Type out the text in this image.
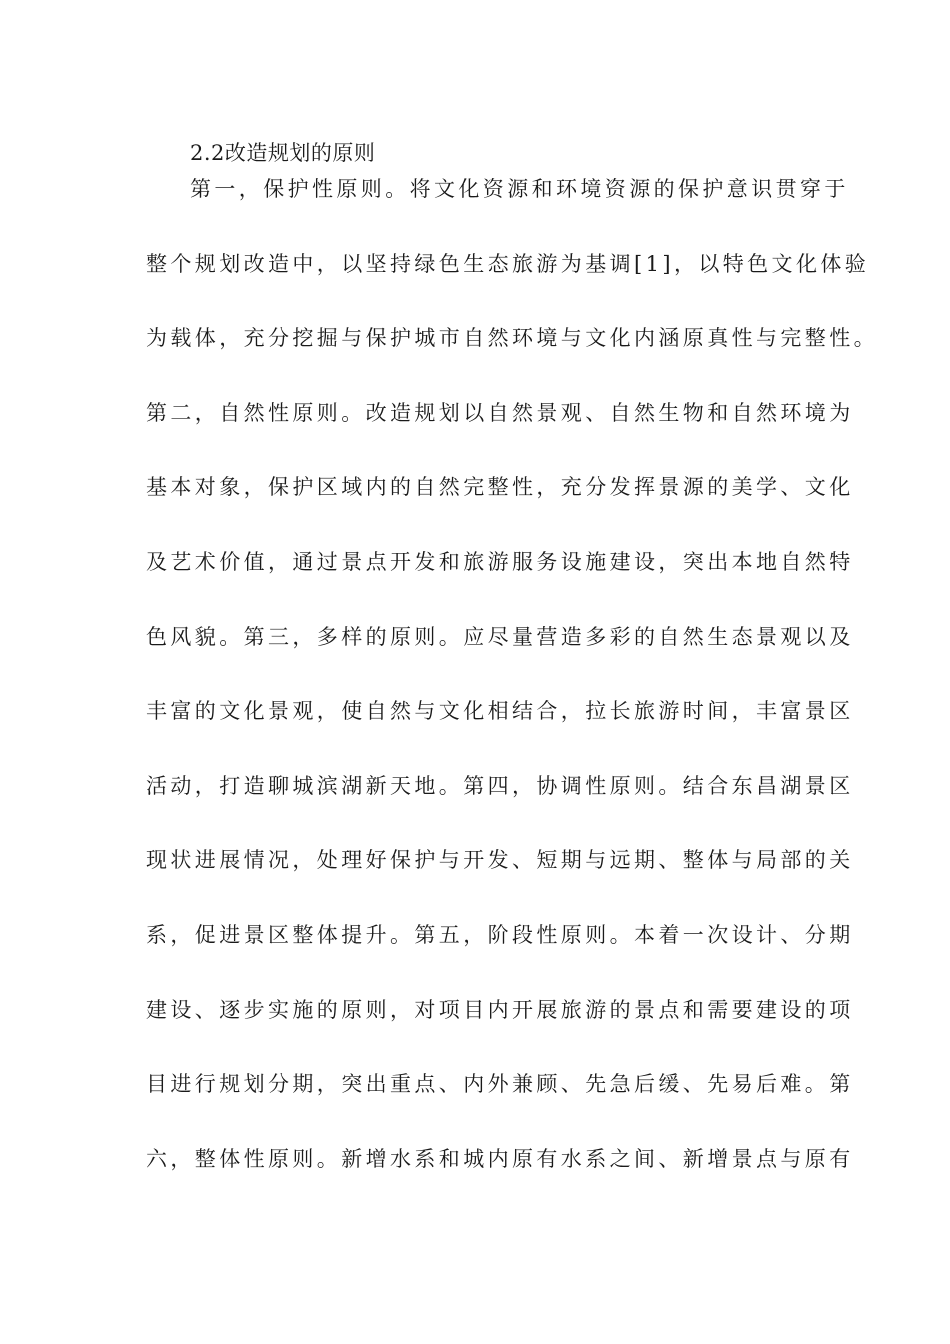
2.2改造规划的原则
第一，保护性原则。将文化资源和环境资源的保护意识贯穿于
整个规划改造中，以坚持绿色生态旅游为基调[1]，以特色文化体验
为载体，充分挖掘与保护城市自然环境与文化内涵原真性与完整性。
第二，自然性原则。改造规划以自然景观、自然生物和自然环境为
基本对象，保护区域内的自然完整性，充分发挥景源的美学、文化
及艺术价值，通过景点开发和旅游服务设施建设，突出本地自然特
色风貌。第三，多样的原则。应尽量营造多彩的自然生态景观以及
丰富的文化景观，使自然与文化相结合，拉长旅游时间，丰富景区
活动，打造聊城滨湖新天地。第四，协调性原则。结合东昌湖景区
现状进展情况，处理好保护与开发、短期与远期、整体与局部的关
系，促进景区整体提升。第五，阶段性原则。本着一次设计、分期
建设、逐步实施的原则，对项目内开展旅游的景点和需要建设的项
目进行规划分期，突出重点、内外兼顾、先急后缓、先易后难。第
六，整体性原则。新增水系和城内原有水系之间、新增景点与原有
